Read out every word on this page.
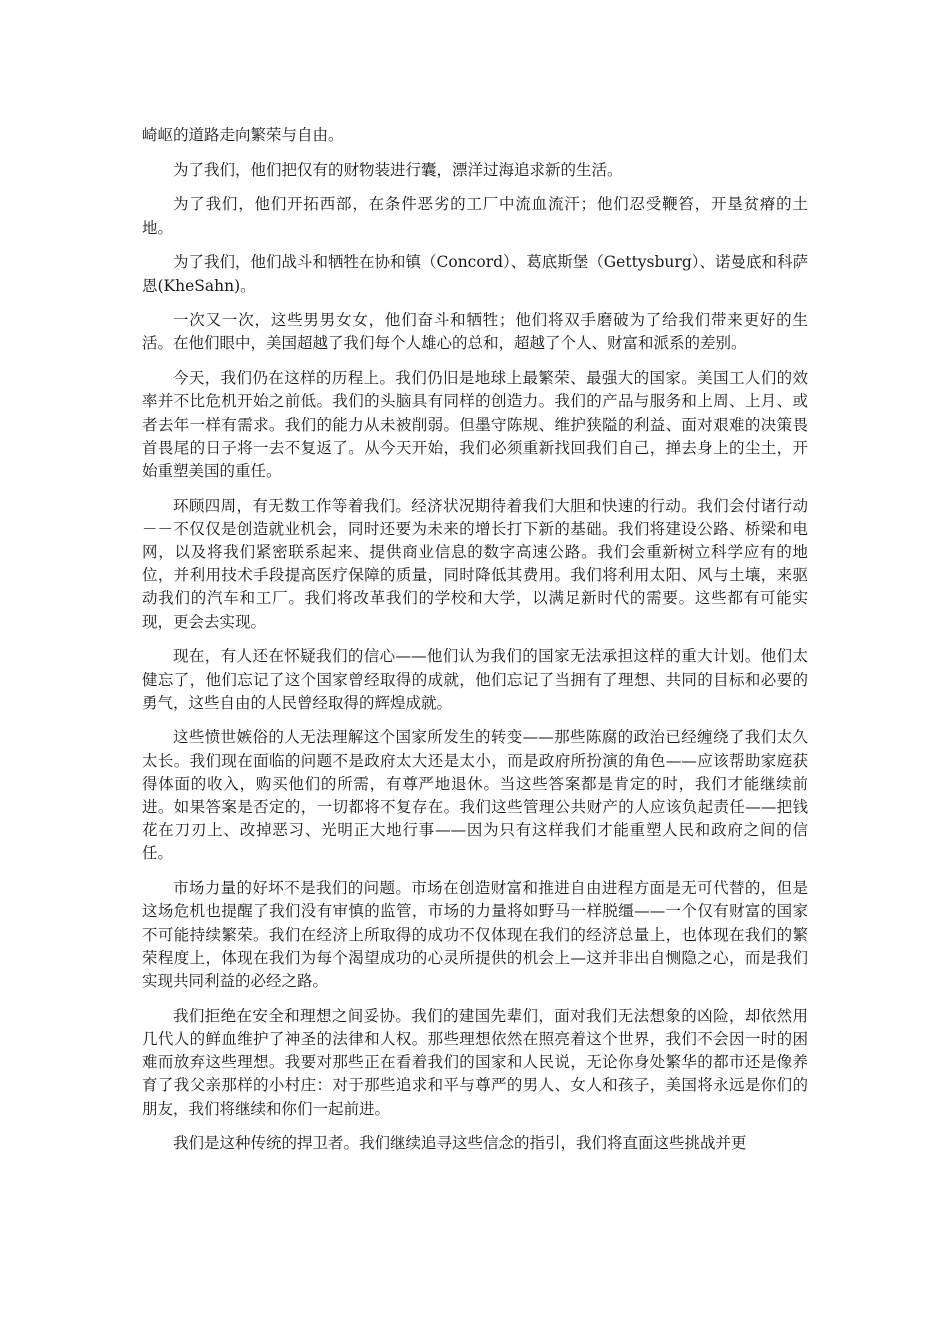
崎岖的道路走向繁荣与自由。

为了我们，他们把仅有的财物装进行囊，漂洋过海追求新的生活。

为了我们，他们开拓西部，在条件恶劣的工厂中流血流汗；他们忍受鞭笞，开垦贫瘠的土地。

为了我们，他们战斗和牺牲在协和镇（Concord）、葛底斯堡（Gettysburg）、诺曼底和科萨恩(KheSahn)。

一次又一次，这些男男女女，他们奋斗和牺牲；他们将双手磨破为了给我们带来更好的生活。在他们眼中，美国超越了我们每个人雄心的总和，超越了个人、财富和派系的差别。

今天，我们仍在这样的历程上。我们仍旧是地球上最繁荣、最强大的国家。美国工人们的效率并不比危机开始之前低。我们的头脑具有同样的创造力。我们的产品与服务和上周、上月、或者去年一样有需求。我们的能力从未被削弱。但墨守陈规、维护狭隘的利益、面对艰难的决策畏首畏尾的日子将一去不复返了。从今天开始，我们必须重新找回我们自己，掸去身上的尘土，开始重塑美国的重任。

环顾四周，有无数工作等着我们。经济状况期待着我们大胆和快速的行动。我们会付诸行动－－不仅仅是创造就业机会，同时还要为未来的增长打下新的基础。我们将建设公路、桥梁和电网，以及将我们紧密联系起来、提供商业信息的数字高速公路。我们会重新树立科学应有的地位，并利用技术手段提高医疗保障的质量，同时降低其费用。我们将利用太阳、风与土壤，来驱动我们的汽车和工厂。我们将改革我们的学校和大学，以满足新时代的需要。这些都有可能实现，更会去实现。

现在，有人还在怀疑我们的信心——他们认为我们的国家无法承担这样的重大计划。他们太健忘了，他们忘记了这个国家曾经取得的成就，他们忘记了当拥有了理想、共同的目标和必要的勇气，这些自由的人民曾经取得的辉煌成就。

这些愤世嫉俗的人无法理解这个国家所发生的转变——那些陈腐的政治已经缠绕了我们太久太长。我们现在面临的问题不是政府太大还是太小，而是政府所扮演的角色——应该帮助家庭获得体面的收入，购买他们的所需，有尊严地退休。当这些答案都是肯定的时，我们才能继续前进。如果答案是否定的，一切都将不复存在。我们这些管理公共财产的人应该负起责任——把钱花在刀刃上、改掉恶习、光明正大地行事——因为只有这样我们才能重塑人民和政府之间的信任。

市场力量的好坏不是我们的问题。市场在创造财富和推进自由进程方面是无可代替的，但是这场危机也提醒了我们没有审慎的监管，市场的力量将如野马一样脱缰——一个仅有财富的国家不可能持续繁荣。我们在经济上所取得的成功不仅体现在我们的经济总量上，也体现在我们的繁荣程度上，体现在我们为每个渴望成功的心灵所提供的机会上—这并非出自恻隐之心，而是我们实现共同利益的必经之路。

我们拒绝在安全和理想之间妥协。我们的建国先辈们，面对我们无法想象的凶险，却依然用几代人的鲜血维护了神圣的法律和人权。那些理想依然在照亮着这个世界，我们不会因一时的困难而放弃这些理想。我要对那些正在看着我们的国家和人民说，无论你身处繁华的都市还是像养育了我父亲那样的小村庄：对于那些追求和平与尊严的男人、女人和孩子，美国将永远是你们的朋友，我们将继续和你们一起前进。

我们是这种传统的捍卫者。我们继续追寻这些信念的指引，我们将直面这些挑战并更
